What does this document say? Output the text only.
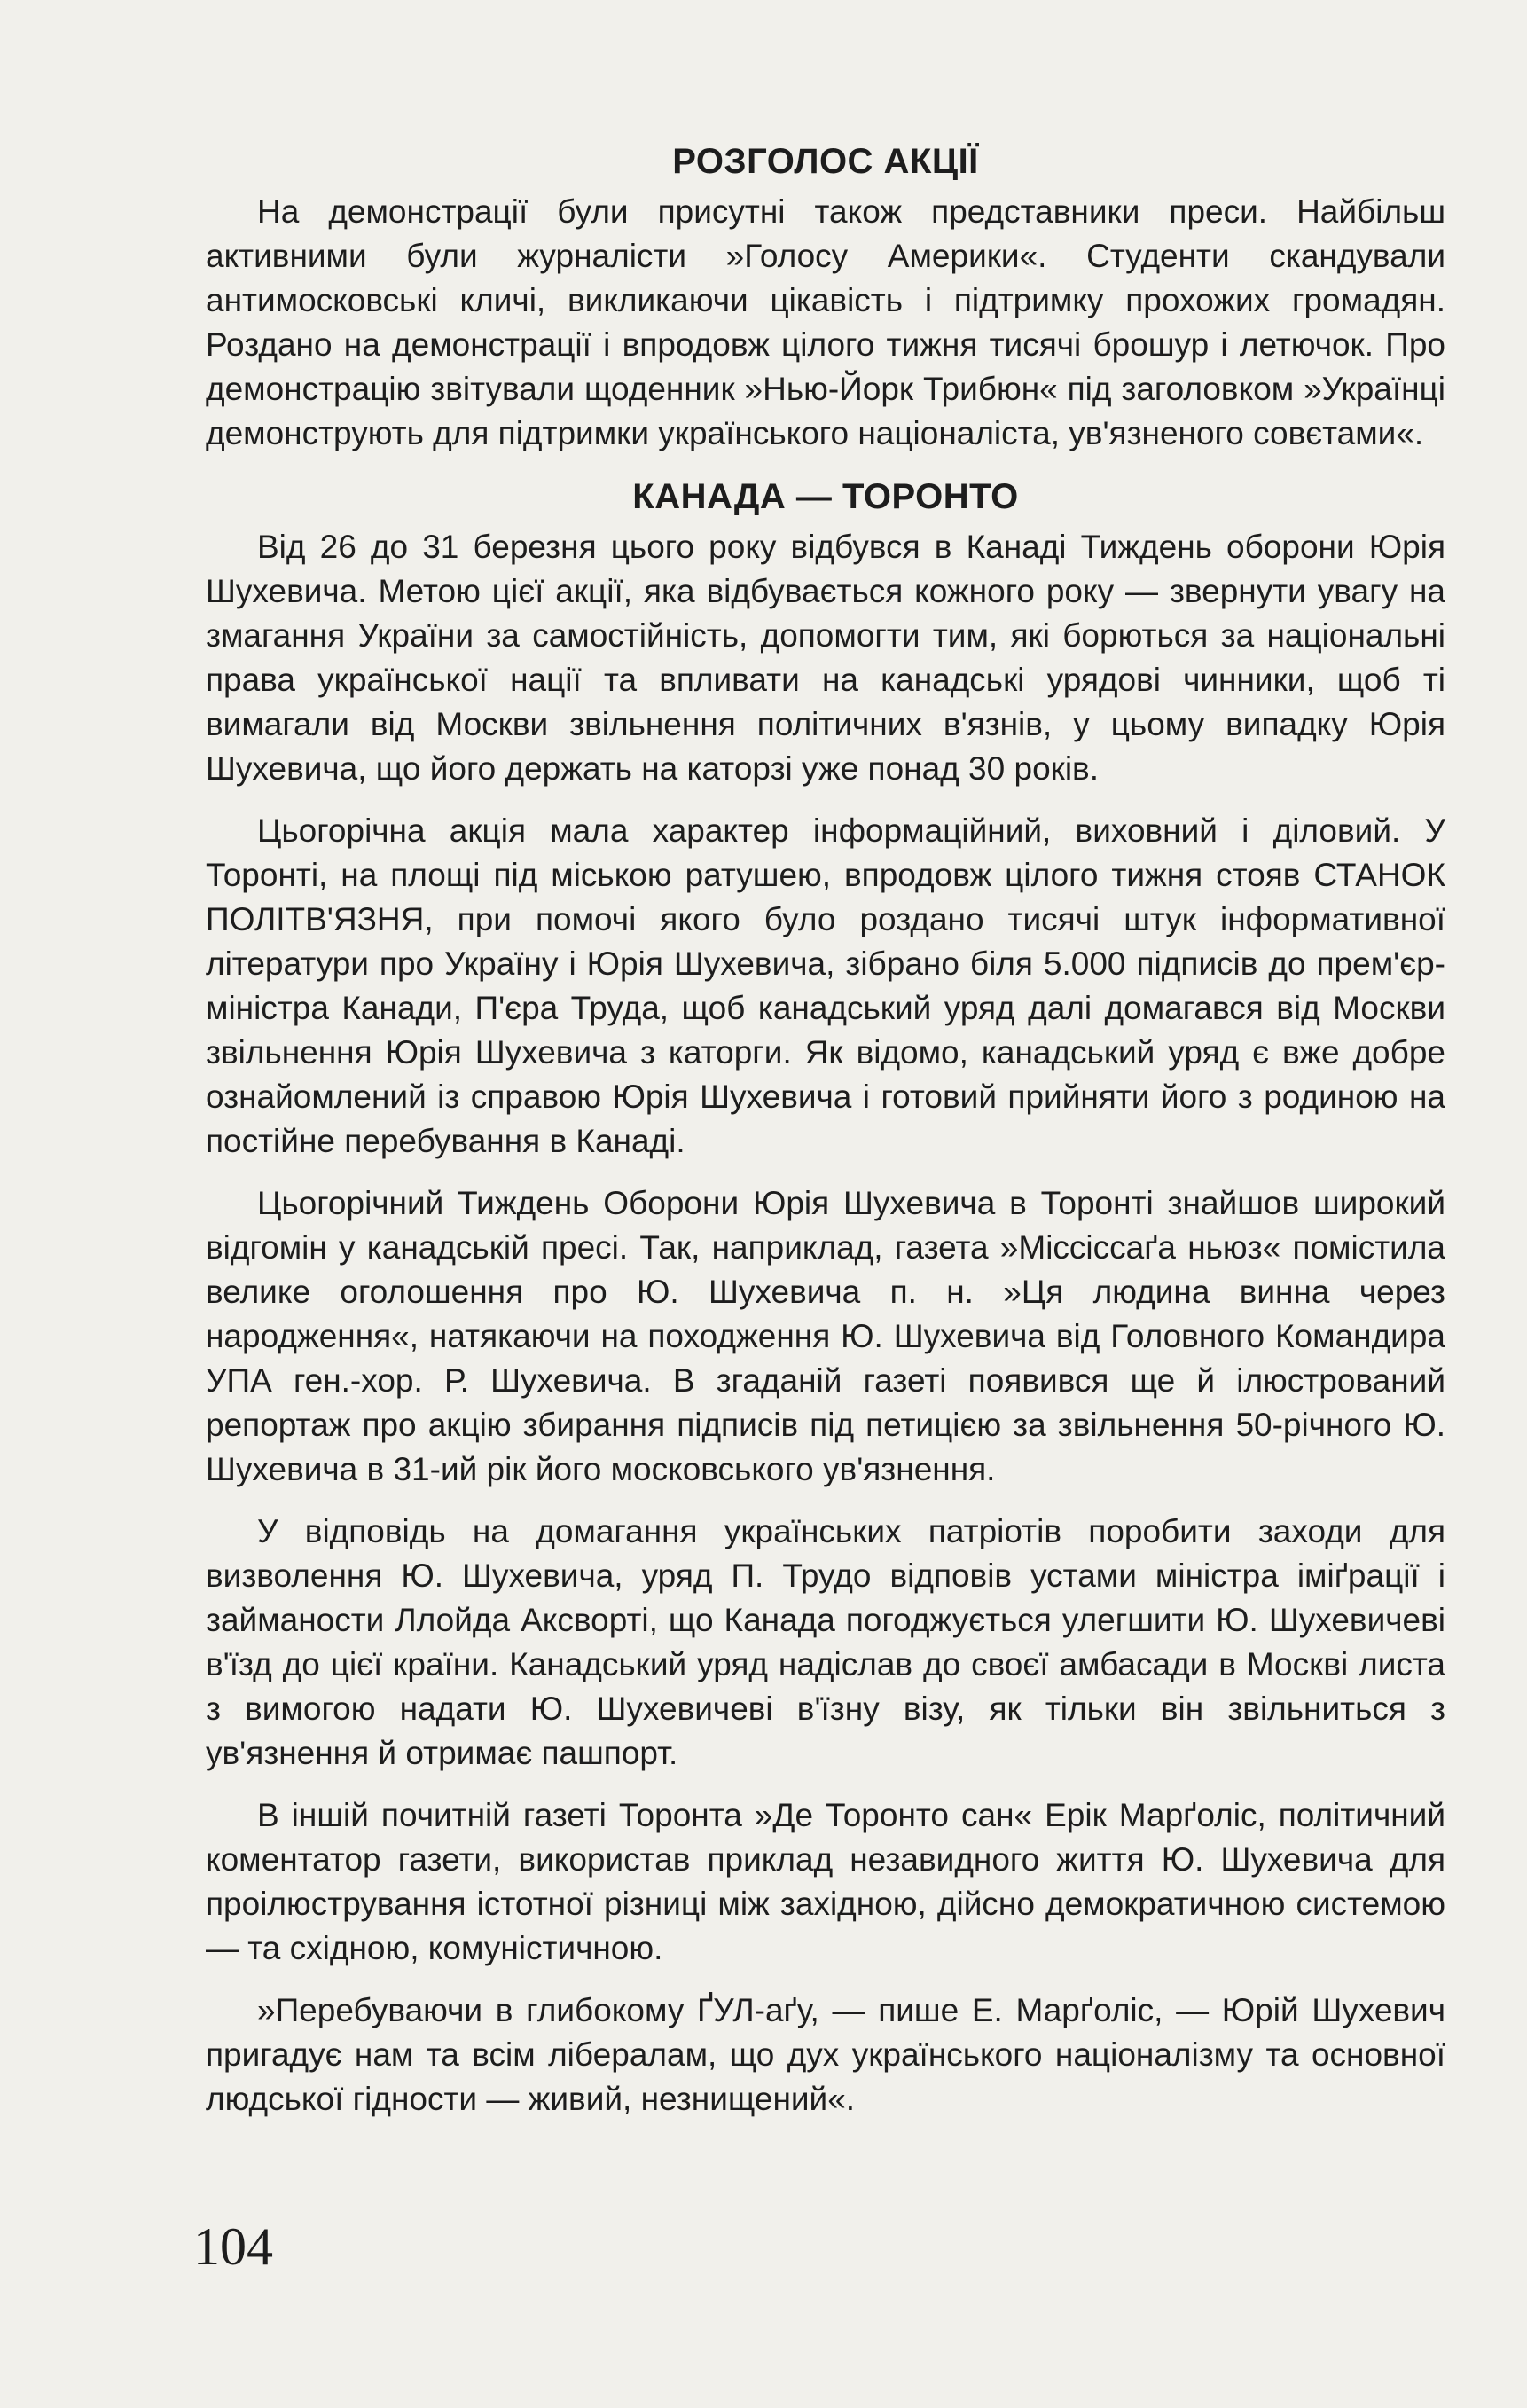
РОЗГОЛОС АКЦІЇ

На демонстрації були присутні також представники преси. Найбільш активними були журналісти »Голосу Америки«. Студенти скандували антимосковські кличі, викликаючи цікавість і підтримку прохожих громадян. Роздано на демонстрації і впродовж цілого тижня тисячі брошур і летючок. Про демонстрацію звітували щоденник »Нью-Йорк Трибюн« під заголовком »Українці демонструють для підтримки українського націоналіста, ув'язненого совєтами«.

КАНАДА — ТОРОНТО

Від 26 до 31 березня цього року відбувся в Канаді Тиждень оборони Юрія Шухевича. Метою цієї акції, яка відбувається кожного року — звернути увагу на змагання України за самостійність, допомогти тим, які борються за національні права української нації та впливати на канадські урядові чинники, щоб ті вимагали від Москви звільнення політичних в'язнів, у цьому випадку Юрія Шухевича, що його держать на каторзі уже понад 30 років.

Цьогорічна акція мала характер інформаційний, виховний і діловий. У Торонті, на площі під міською ратушею, впродовж цілого тижня стояв СТАНОК ПОЛІТВ'ЯЗНЯ, при помочі якого було роздано тисячі штук інформативної літератури про Україну і Юрія Шухевича, зібрано біля 5.000 підписів до прем'єр-міністра Канади, П'єра Труда, щоб канадський уряд далі домагався від Москви звільнення Юрія Шухевича з каторги. Як відомо, канадський уряд є вже добре ознайомлений із справою Юрія Шухевича і готовий прийняти його з родиною на постійне перебування в Канаді.

Цьогорічний Тиждень Оборони Юрія Шухевича в Торонті знайшов широкий відгомін у канадській пресі. Так, наприклад, газета »Міссіссаґа ньюз« помістила велике оголошення про Ю. Шухевича п. н. »Ця людина винна через народження«, натякаючи на походження Ю. Шухевича від Головного Командира УПА ген.-хор. Р. Шухевича. В згаданій газеті появився ще й ілюстрований репортаж про акцію збирання підписів під петицією за звільнення 50-річного Ю. Шухевича в 31-ий рік його московського ув'язнення.

У відповідь на домагання українських патріотів поробити заходи для визволення Ю. Шухевича, уряд П. Трудо відповів устами міністра іміґрації і займаности Ллойда Аксворті, що Канада погоджується улегшити Ю. Шухевичеві в'їзд до цієї країни. Канадський уряд надіслав до своєї амбасади в Москві листа з вимогою надати Ю. Шухевичеві в'їзну візу, як тільки він звільниться з ув'язнення й отримає пашпорт.

В іншій почитній газеті Торонта »Де Торонто сан« Ерік Марґоліс, політичний коментатор газети, використав приклад незавидного життя Ю. Шухевича для проілюстрування істотної різниці між західною, дійсно демократичною системою — та східною, комуністичною.

»Перебуваючи в глибокому ҐУЛ-аґу, — пише Е. Марґоліс, — Юрій Шухевич пригадує нам та всім лібералам, що дух українського націоналізму та основної людської гідности — живий, незнищений«.

104
